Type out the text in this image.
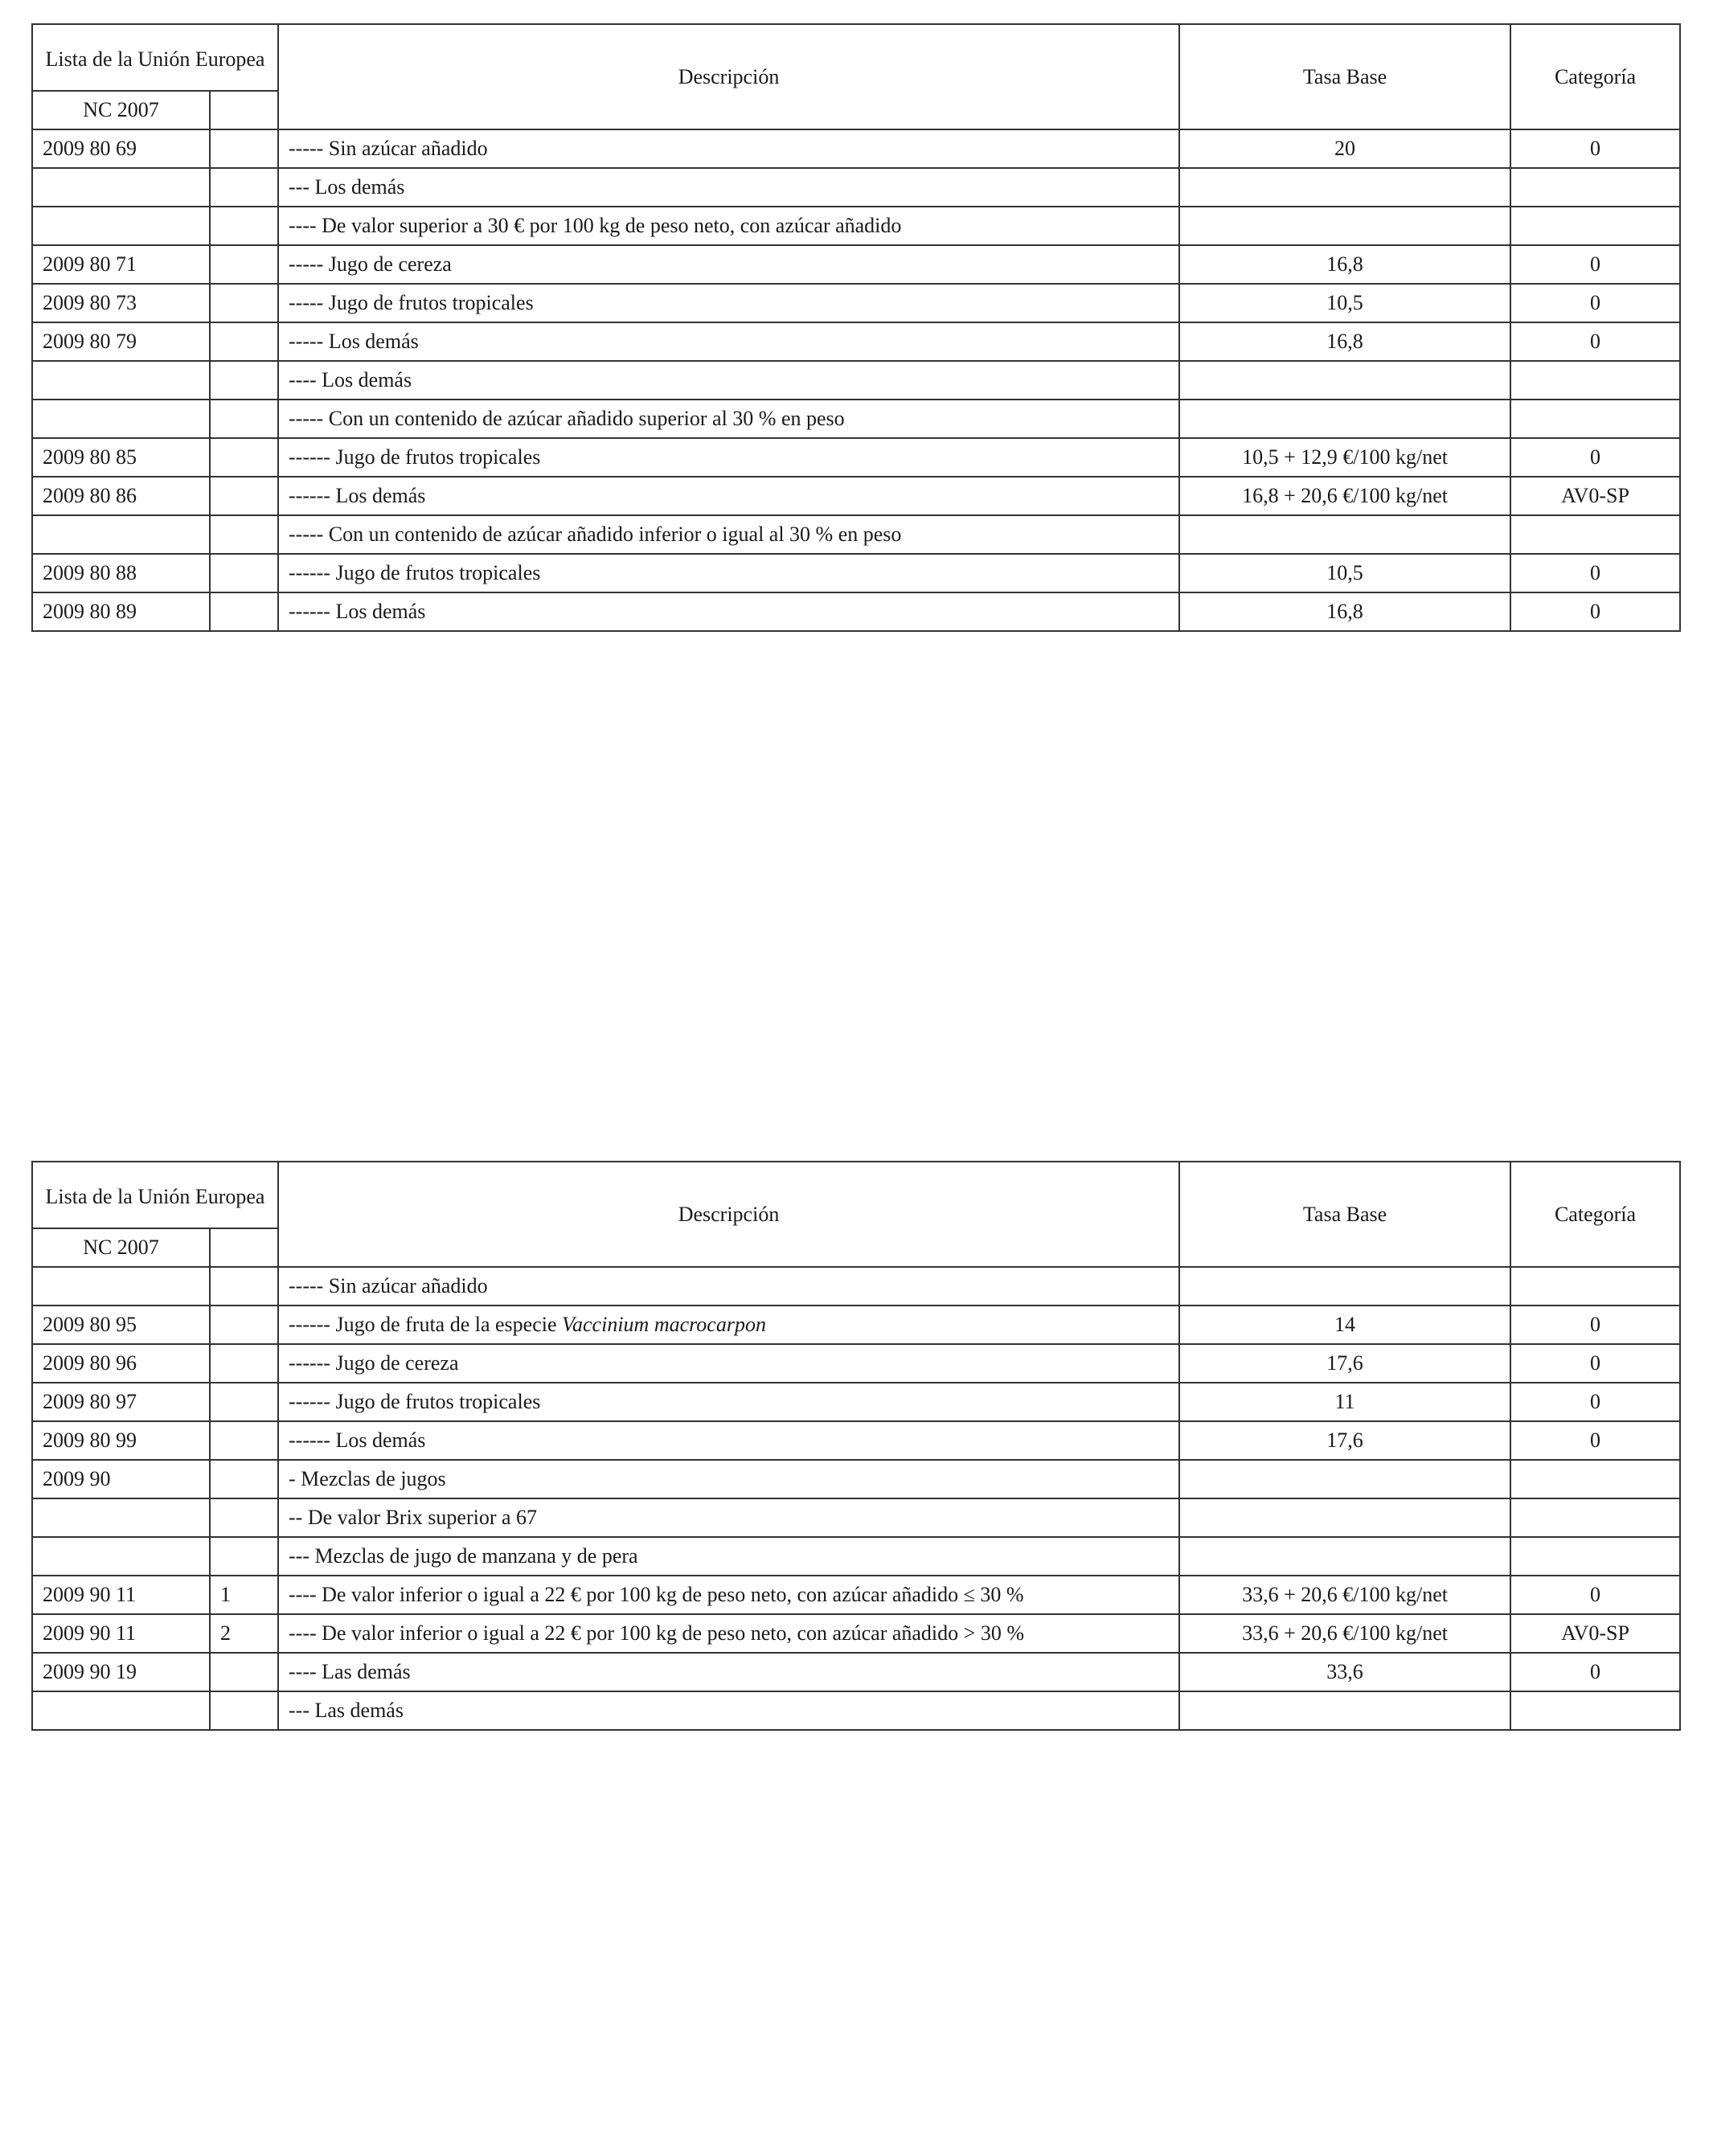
Lista de la Unión Europea		Descripción	Tasa Base	Categoría
NC 2007				
2009 80 69		----- Sin azúcar añadido	20	0
		--- Los demás		
		---- De valor superior a 30 € por 100 kg de peso neto, con azúcar añadido		
2009 80 71		----- Jugo de cereza	16,8	0
2009 80 73		----- Jugo de frutos tropicales	10,5	0
2009 80 79		----- Los demás	16,8	0
		---- Los demás		
		----- Con un contenido de azúcar añadido superior al 30 % en peso		
2009 80 85		------ Jugo de frutos tropicales	10,5 + 12,9 €/100 kg/net	0
2009 80 86		------ Los demás	16,8 + 20,6 €/100 kg/net	AV0-SP
		----- Con un contenido de azúcar añadido inferior o igual al 30 % en peso		
2009 80 88		------ Jugo de frutos tropicales	10,5	0
2009 80 89		------ Los demás	16,8	0
Lista de la Unión Europea		Descripción	Tasa Base	Categoría
NC 2007				
		----- Sin azúcar añadido		
2009 80 95		------ Jugo de fruta de la especie Vaccinium macrocarpon	14	0
2009 80 96		------ Jugo de cereza	17,6	0
2009 80 97		------ Jugo de frutos tropicales	11	0
2009 80 99		------ Los demás	17,6	0
2009 90		- Mezclas de jugos		
		-- De valor Brix superior a 67		
		--- Mezclas de jugo de manzana y de pera		
2009 90 11	1	---- De valor inferior o igual a 22 € por 100 kg de peso neto, con azúcar añadido ≤ 30 %	33,6 + 20,6 €/100 kg/net	0
2009 90 11	2	---- De valor inferior o igual a 22 € por 100 kg de peso neto, con azúcar añadido > 30 %	33,6 + 20,6 €/100 kg/net	AV0-SP
2009 90 19		---- Las demás	33,6	0
		--- Las demás		
